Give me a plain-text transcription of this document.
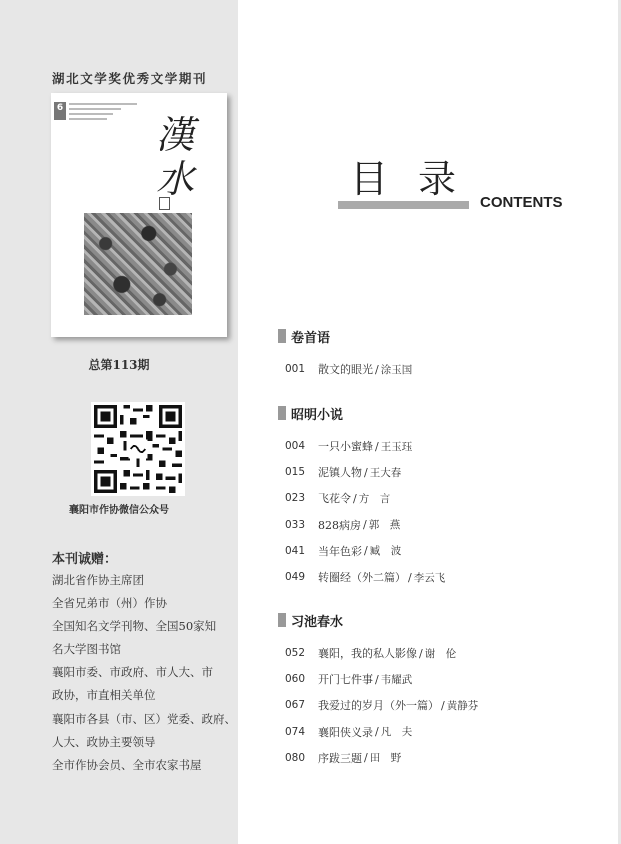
湖北文学奖优秀文学期刊
6
漢水
总第113期
襄阳市作协微信公众号
本刊诚赠：
湖北省作协主席团
全省兄弟市（州）作协
全国知名文学刊物、全国50家知
名大学图书馆
襄阳市委、市政府、市人大、市
政协，市直相关单位
襄阳市各县（市、区）党委、政府、
人大、政协主要领导
全市作协会员、全市农家书屋
目 录
CONTENTS
卷首语
001	散文的眼光 / 涂玉国
昭明小说
004	一只小蜜蜂 / 王玉珏
015	泥镇人物 / 王大春
023	飞花令 / 方　言
033	828病房 / 郭　燕
041	当年色彩 / 臧　波
049	转圈经（外二篇） / 李云飞
习池春水
052	襄阳，我的私人影像 / 谢　伦
060	开门七件事 / 韦耀武
067	我爱过的岁月（外一篇） / 黄静芬
074	襄阳侠义录 / 凡　夫
080	序跋三题 / 田　野
